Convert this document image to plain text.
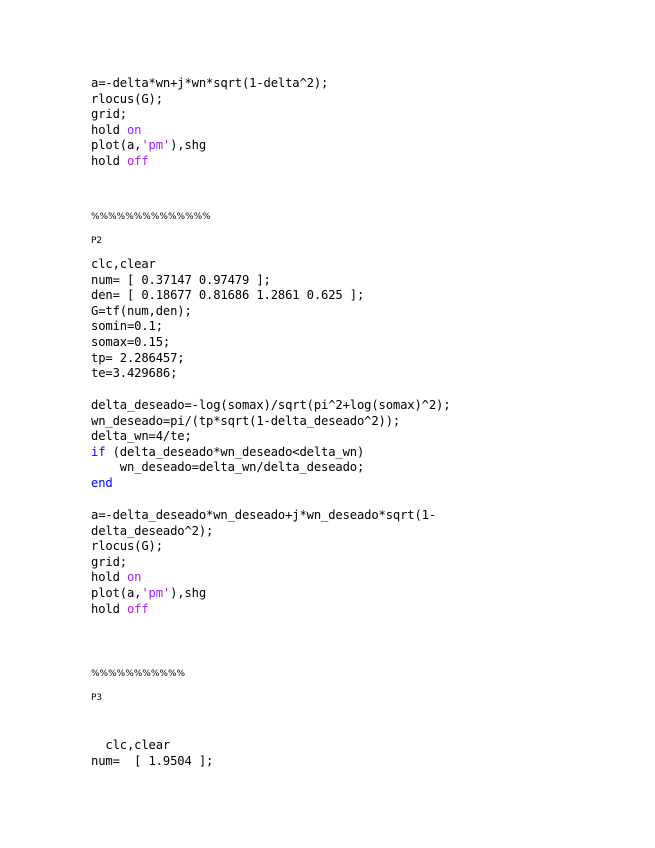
a=-delta*wn+j*wn*sqrt(1-delta^2);
rlocus(G);
grid;
hold on
plot(a,'pm'),shg
hold off

%%%%%%%%%%%%%%

P2

clc,clear
num= [ 0.37147 0.97479 ];
den= [ 0.18677 0.81686 1.2861 0.625 ];
G=tf(num,den);
somin=0.1;
somax=0.15;
tp= 2.286457;
te=3.429686;
delta_deseado=-log(somax)/sqrt(pi^2+log(somax)^2);
wn_deseado=pi/(tp*sqrt(1-delta_deseado^2));
delta_wn=4/te;
if (delta_deseado*wn_deseado<delta_wn)
wn_deseado=delta_wn/delta_deseado;
end
a=-delta_deseado*wn_deseado+j*wn_deseado*sqrt(1-
delta_deseado^2);
rlocus(G);
grid;
hold on
plot(a,'pm'),shg
hold off

%%%%%%%%%%%

P3

clc,clear
num=  [ 1.9504 ];
